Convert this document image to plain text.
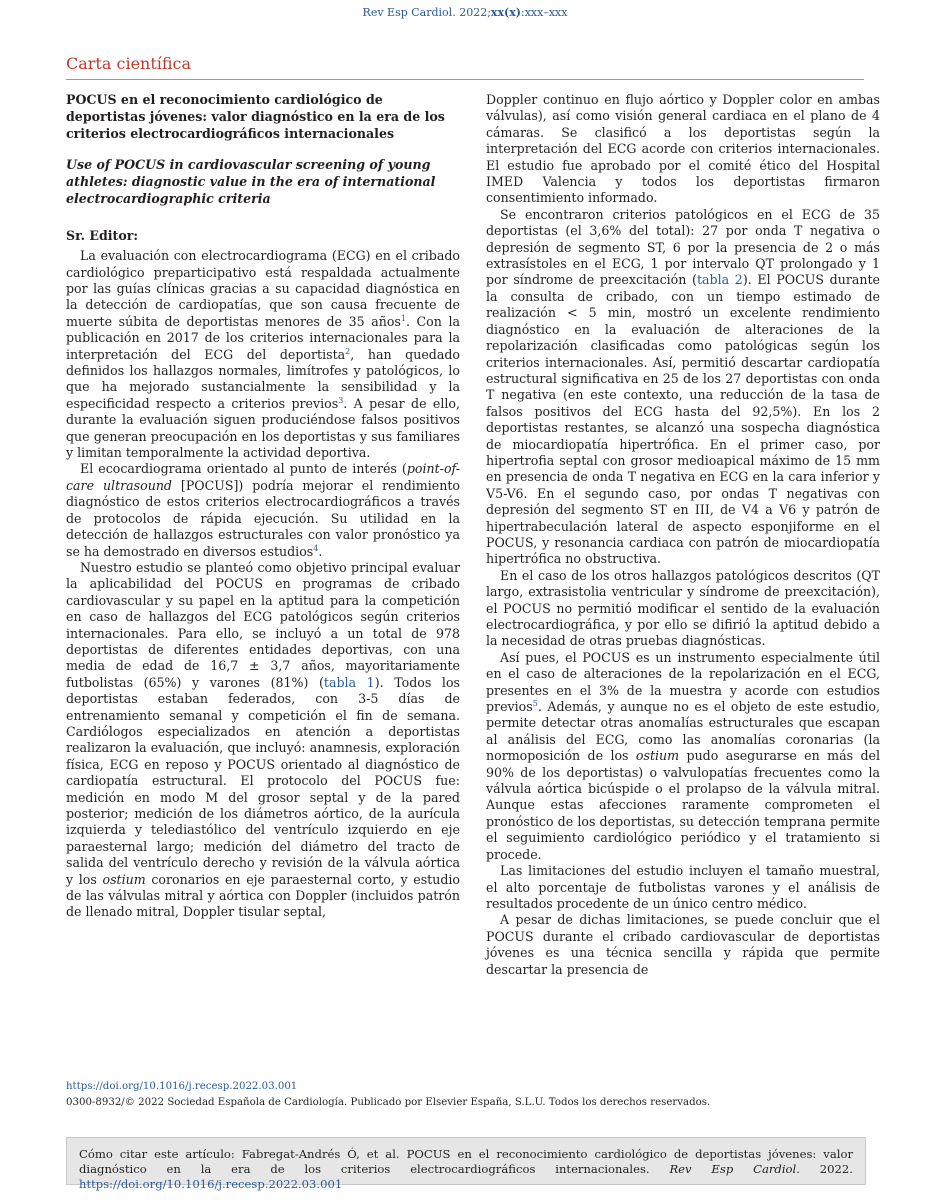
Rev Esp Cardiol. 2022;xx(x):xxx–xxx
Carta científica

POCUS en el reconocimiento cardiológico de deportistas jóvenes: valor diagnóstico en la era de los criterios electrocardiográficos internacionales

Use of POCUS in cardiovascular screening of young athletes: diagnostic value in the era of international electrocardiographic criteria

Sr. Editor:

La evaluación con electrocardiograma (ECG) en el cribado cardiológico preparticipativo está respaldada actualmente por las guías clínicas gracias a su capacidad diagnóstica en la detección de cardiopatías, que son causa frecuente de muerte súbita de deportistas menores de 35 años$^1$. Con la publicación en 2017 de los criterios internacionales para la interpretación del ECG del deportista$^2$, han quedado definidos los hallazgos normales, limítrofes y patológicos, lo que ha mejorado sustancialmente la sensibilidad y la especificidad respecto a criterios previos$^3$. A pesar de ello, durante la evaluación siguen produciéndose falsos positivos que generan preocupación en los deportistas y sus familiares y limitan temporalmente la actividad deportiva.

El ecocardiograma orientado al punto de interés (point-of-care ultrasound [POCUS]) podría mejorar el rendimiento diagnóstico de estos criterios electrocardiográficos a través de protocolos de rápida ejecución. Su utilidad en la detección de hallazgos estructurales con valor pronóstico ya se ha demostrado en diversos estudios$^4$.

Nuestro estudio se planteó como objetivo principal evaluar la aplicabilidad del POCUS en programas de cribado cardiovascular y su papel en la aptitud para la competición en caso de hallazgos del ECG patológicos según criterios internacionales. Para ello, se incluyó a un total de 978 deportistas de diferentes entidades deportivas, con una media de edad de 16,7 ± 3,7 años, mayoritariamente futbolistas (65%) y varones (81%) (tabla 1). Todos los deportistas estaban federados, con 3-5 días de entrenamiento semanal y competición el fin de semana. Cardiólogos especializados en atención a deportistas realizaron la evaluación, que incluyó: anamnesis, exploración física, ECG en reposo y POCUS orientado al diagnóstico de cardiopatía estructural. El protocolo del POCUS fue: medición en modo M del grosor septal y de la pared posterior; medición de los diámetros aórtico, de la aurícula izquierda y telediastólico del ventrículo izquierdo en eje paraesternal largo; medición del diámetro del tracto de salida del ventrículo derecho y revisión de la válvula aórtica y los ostium coronarios en eje paraesternal corto, y estudio de las válvulas mitral y aórtica con Doppler (incluidos patrón de llenado mitral, Doppler tisular septal,

Doppler continuo en flujo aórtico y Doppler color en ambas válvulas), así como visión general cardiaca en el plano de 4 cámaras. Se clasificó a los deportistas según la interpretación del ECG acorde con criterios internacionales. El estudio fue aprobado por el comité ético del Hospital IMED Valencia y todos los deportistas firmaron consentimiento informado.

Se encontraron criterios patológicos en el ECG de 35 deportistas (el 3,6% del total): 27 por onda T negativa o depresión de segmento ST, 6 por la presencia de 2 o más extrasístoles en el ECG, 1 por intervalo QT prolongado y 1 por síndrome de preexcitación (tabla 2). El POCUS durante la consulta de cribado, con un tiempo estimado de realización < 5 min, mostró un excelente rendimiento diagnóstico en la evaluación de alteraciones de la repolarización clasificadas como patológicas según los criterios internacionales. Así, permitió descartar cardiopatía estructural significativa en 25 de los 27 deportistas con onda T negativa (en este contexto, una reducción de la tasa de falsos positivos del ECG hasta del 92,5%). En los 2 deportistas restantes, se alcanzó una sospecha diagnóstica de miocardiopatía hipertrófica. En el primer caso, por hipertrofia septal con grosor medioapical máximo de 15 mm en presencia de onda T negativa en ECG en la cara inferior y V5-V6. En el segundo caso, por ondas T negativas con depresión del segmento ST en III, de V4 a V6 y patrón de hipertrabeculación lateral de aspecto esponjiforme en el POCUS, y resonancia cardiaca con patrón de miocardiopatía hipertrófica no obstructiva.

En el caso de los otros hallazgos patológicos descritos (QT largo, extrasistolia ventricular y síndrome de preexcitación), el POCUS no permitió modificar el sentido de la evaluación electrocardiográfica, y por ello se difirió la aptitud debido a la necesidad de otras pruebas diagnósticas.

Así pues, el POCUS es un instrumento especialmente útil en el caso de alteraciones de la repolarización en el ECG, presentes en el 3% de la muestra y acorde con estudios previos$^5$. Además, y aunque no es el objeto de este estudio, permite detectar otras anomalías estructurales que escapan al análisis del ECG, como las anomalías coronarias (la normoposición de los ostium pudo asegurarse en más del 90% de los deportistas) o valvulopatías frecuentes como la válvula aórtica bicúspide o el prolapso de la válvula mitral. Aunque estas afecciones raramente comprometen el pronóstico de los deportistas, su detección temprana permite el seguimiento cardiológico periódico y el tratamiento si procede.

Las limitaciones del estudio incluyen el tamaño muestral, el alto porcentaje de futbolistas varones y el análisis de resultados procedente de un único centro médico.

A pesar de dichas limitaciones, se puede concluir que el POCUS durante el cribado cardiovascular de deportistas jóvenes es una técnica sencilla y rápida que permite descartar la presencia de

https://doi.org/10.1016/j.recesp.2022.03.001
0300-8932/© 2022 Sociedad Española de Cardiología. Publicado por Elsevier España, S.L.U. Todos los derechos reservados.
Cómo citar este artículo: Fabregat-Andrés Ó, et al. POCUS en el reconocimiento cardiológico de deportistas jóvenes: valor diagnóstico en la era de los criterios electrocardiográficos internacionales. Rev Esp Cardiol. 2022. https://doi.org/10.1016/j.recesp.2022.03.001
